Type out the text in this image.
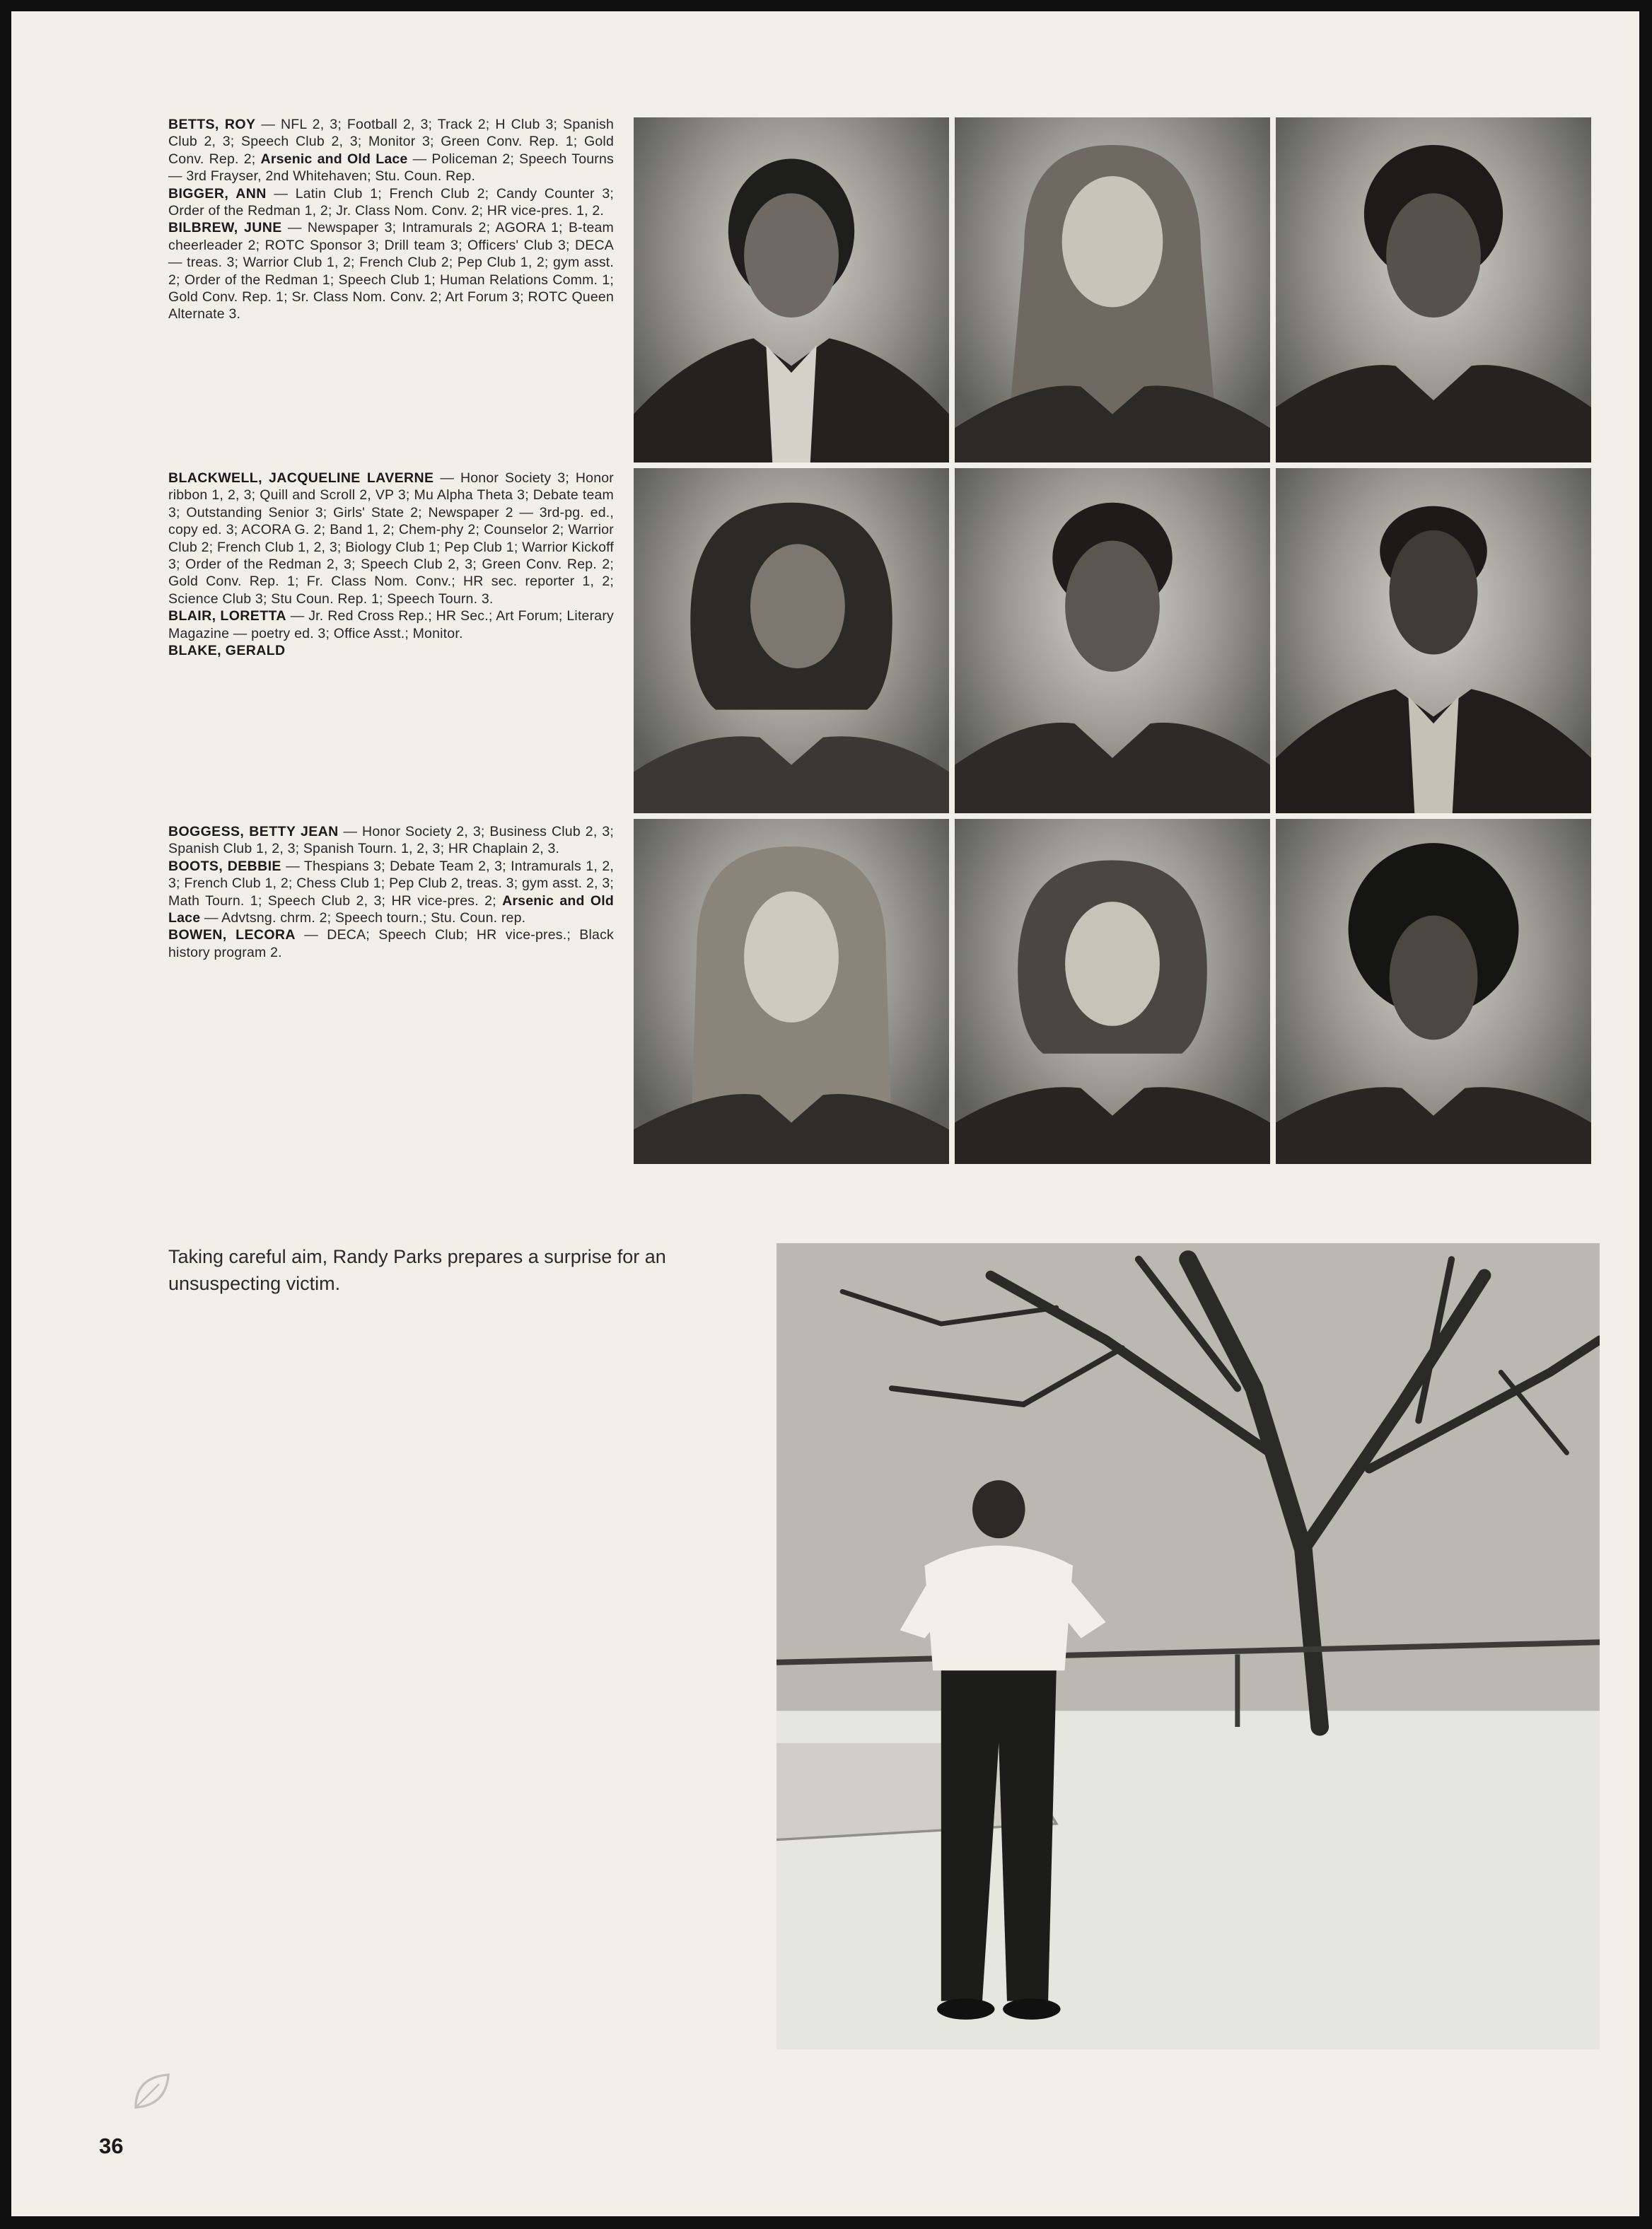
BETTS, ROY — NFL 2, 3; Football 2, 3; Track 2; H Club 3; Spanish Club 2, 3; Speech Club 2, 3; Monitor 3; Green Conv. Rep. 1; Gold Conv. Rep. 2; Arsenic and Old Lace — Policeman 2; Speech Tourns — 3rd Frayser, 2nd Whitehaven; Stu. Coun. Rep.

BIGGER, ANN — Latin Club 1; French Club 2; Candy Counter 3; Order of the Redman 1, 2; Jr. Class Nom. Conv. 2; HR vice-pres. 1, 2.

BILBREW, JUNE — Newspaper 3; Intramurals 2; AGORA 1; B-team cheerleader 2; ROTC Sponsor 3; Drill team 3; Officers' Club 3; DECA — treas. 3; Warrior Club 1, 2; French Club 2; Pep Club 1, 2; gym asst. 2; Order of the Redman 1; Speech Club 1; Human Relations Comm. 1; Gold Conv. Rep. 1; Sr. Class Nom. Conv. 2; Art Forum 3; ROTC Queen Alternate 3.

BLACKWELL, JACQUELINE LAVERNE — Honor Society 3; Honor ribbon 1, 2, 3; Quill and Scroll 2, VP 3; Mu Alpha Theta 3; Debate team 3; Outstanding Senior 3; Girls' State 2; Newspaper 2 — 3rd-pg. ed., copy ed. 3; ACORA G. 2; Band 1, 2; Chem-phy 2; Counselor 2; Warrior Club 2; French Club 1, 2, 3; Biology Club 1; Pep Club 1; Warrior Kickoff 3; Order of the Redman 2, 3; Speech Club 2, 3; Green Conv. Rep. 2; Gold Conv. Rep. 1; Fr. Class Nom. Conv.; HR sec. reporter 1, 2; Science Club 3; Stu Coun. Rep. 1; Speech Tourn. 3.

BLAIR, LORETTA — Jr. Red Cross Rep.; HR Sec.; Art Forum; Literary Magazine — poetry ed. 3; Office Asst.; Monitor.

BLAKE, GERALD

BOGGESS, BETTY JEAN — Honor Society 2, 3; Business Club 2, 3; Spanish Club 1, 2, 3; Spanish Tourn. 1, 2, 3; HR Chaplain 2, 3.

BOOTS, DEBBIE — Thespians 3; Debate Team 2, 3; Intramurals 1, 2, 3; French Club 1, 2; Chess Club 1; Pep Club 2, treas. 3; gym asst. 2, 3; Math Tourn. 1; Speech Club 2, 3; HR vice-pres. 2; Arsenic and Old Lace — Advtsng. chrm. 2; Speech tourn.; Stu. Coun. rep.

BOWEN, LECORA — DECA; Speech Club; HR vice-pres.; Black history program 2.

Taking careful aim, Randy Parks prepares a surprise for an unsuspecting victim.

36
